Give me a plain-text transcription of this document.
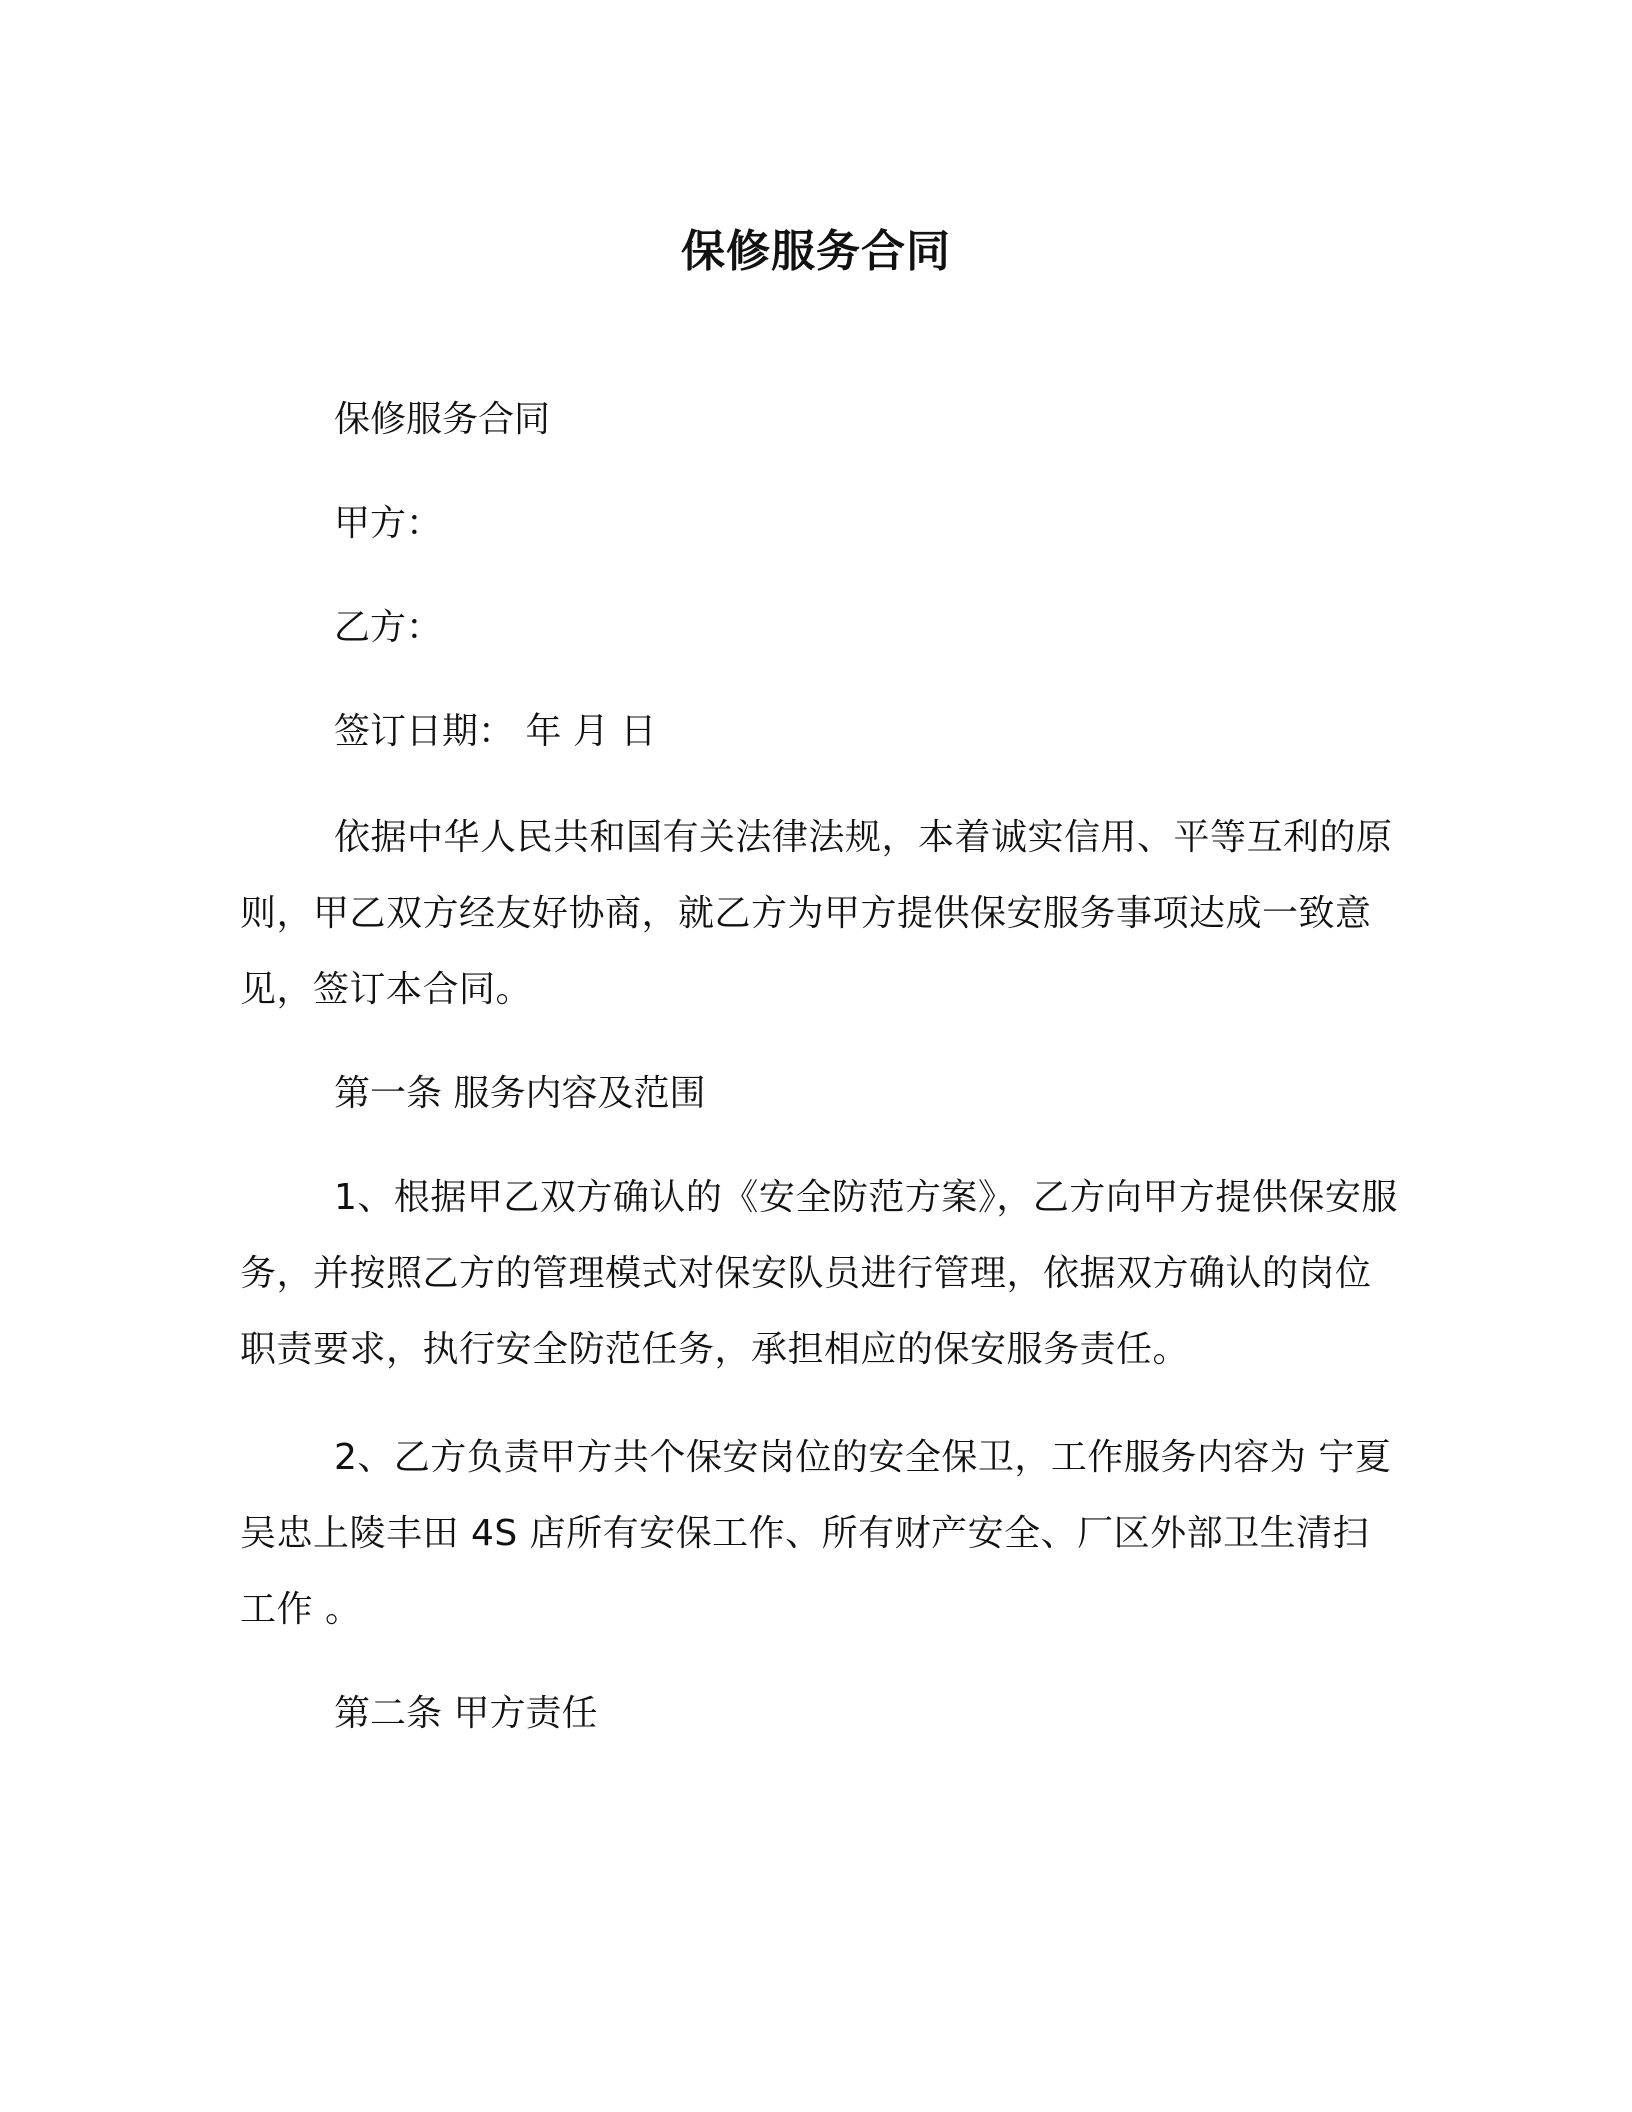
保修服务合同
保修服务合同
甲方：
乙方：
签订日期： 年 月 日
依据中华人民共和国有关法律法规，本着诚实信用、平等互利的原则，甲乙双方经友好协商，就乙方为甲方提供保安服务事项达成一致意见，签订本合同。
第一条 服务内容及范围
1、根据甲乙双方确认的《安全防范方案》，乙方向甲方提供保安服务，并按照乙方的管理模式对保安队员进行管理，依据双方确认的岗位职责要求，执行安全防范任务，承担相应的保安服务责任。
2、乙方负责甲方共个保安岗位的安全保卫，工作服务内容为 宁夏吴忠上陵丰田 4S 店所有安保工作、所有财产安全、厂区外部卫生清扫工作 。
第二条 甲方责任
